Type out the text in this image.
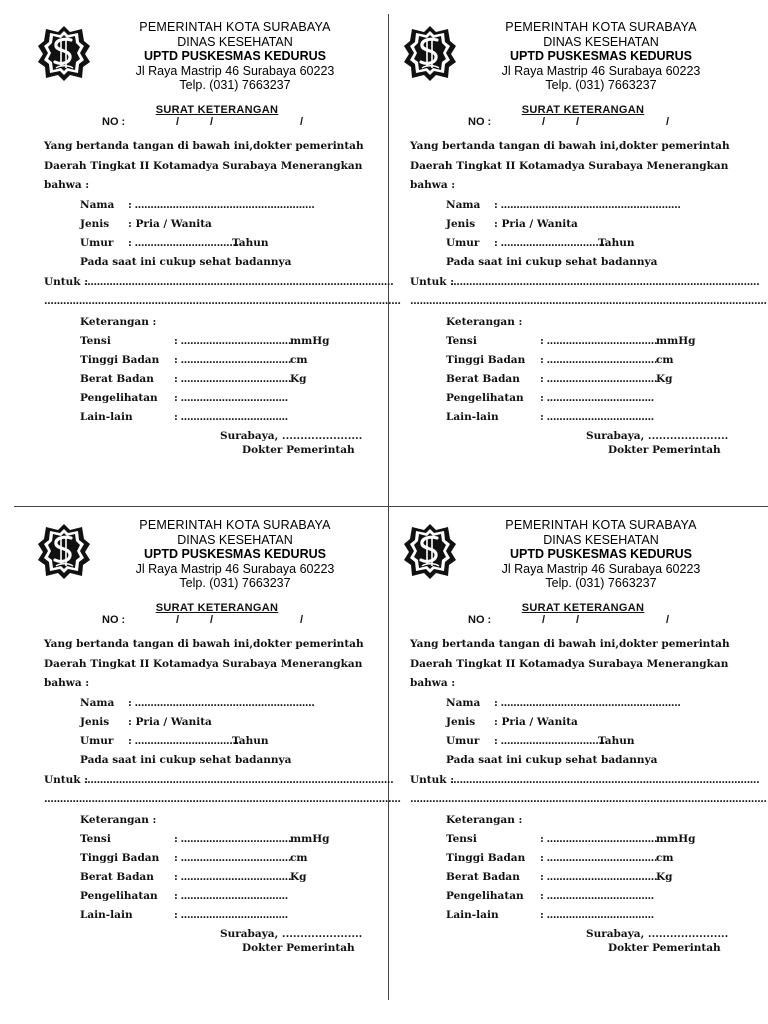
PEMERINTAH KOTA SURABAYA
DINAS KESEHATAN
UPTD PUSKESMAS KEDURUS
Jl Raya Mastrip 46 Surabaya 60223
Telp. (031) 7663237
SURAT KETERANGAN
NO :	/	/	/
Yang bertanda tangan di bawah ini,dokter pemerintah
Daerah Tingkat II Kotamadya Surabaya Menerangkan
bahwa :
Nama : .........................................................
Jenis : Pria / Wanita
Umur : ..................................
Tahun
Pada saat ini cukup sehat badannya
Untuk :
..................................................................................................
.................................................................................................................
Keterangan :
Tensi	: ................................... mmHg
Tinggi Badan : ................................... cm
Berat Badan : ................................... Kg
Pengelihatan : ..................................
Lain-lain	: ..................................
Surabaya, ......................
Dokter Pemerintah
PEMERINTAH KOTA SURABAYA
DINAS KESEHATAN
UPTD PUSKESMAS KEDURUS
Jl Raya Mastrip 46 Surabaya 60223
Telp. (031) 7663237
SURAT KETERANGAN
NO :	/	/	/
Yang bertanda tangan di bawah ini,dokter pemerintah
Daerah Tingkat II Kotamadya Surabaya Menerangkan
bahwa :
Nama : .........................................................
Jenis : Pria / Wanita
Umur : ..................................
Tahun
Pada saat ini cukup sehat badannya
Untuk :
..................................................................................................
.................................................................................................................
Keterangan :
Tensi	: ................................... mmHg
Tinggi Badan : ................................... cm
Berat Badan : ................................... Kg
Pengelihatan : ..................................
Lain-lain	: ..................................
Surabaya, ......................
Dokter Pemerintah
PEMERINTAH KOTA SURABAYA
DINAS KESEHATAN
UPTD PUSKESMAS KEDURUS
Jl Raya Mastrip 46 Surabaya 60223
Telp. (031) 7663237
SURAT KETERANGAN
NO :	/	/	/
Yang bertanda tangan di bawah ini,dokter pemerintah
Daerah Tingkat II Kotamadya Surabaya Menerangkan
bahwa :
Nama : .........................................................
Jenis : Pria / Wanita
Umur : ..................................
Tahun
Pada saat ini cukup sehat badannya
Untuk :
..................................................................................................
.................................................................................................................
Keterangan :
Tensi	: ................................... mmHg
Tinggi Badan : ................................... cm
Berat Badan : ................................... Kg
Pengelihatan : ..................................
Lain-lain	: ..................................
Surabaya, ......................
Dokter Pemerintah
PEMERINTAH KOTA SURABAYA
DINAS KESEHATAN
UPTD PUSKESMAS KEDURUS
Jl Raya Mastrip 46 Surabaya 60223
Telp. (031) 7663237
SURAT KETERANGAN
NO :	/	/	/
Yang bertanda tangan di bawah ini,dokter pemerintah
Daerah Tingkat II Kotamadya Surabaya Menerangkan
bahwa :
Nama : .........................................................
Jenis : Pria / Wanita
Umur : ..................................
Tahun
Pada saat ini cukup sehat badannya
Untuk :
..................................................................................................
.................................................................................................................
Keterangan :
Tensi	: ................................... mmHg
Tinggi Badan : ................................... cm
Berat Badan : ................................... Kg
Pengelihatan : ..................................
Lain-lain	: ..................................
Surabaya, ......................
Dokter Pemerintah
